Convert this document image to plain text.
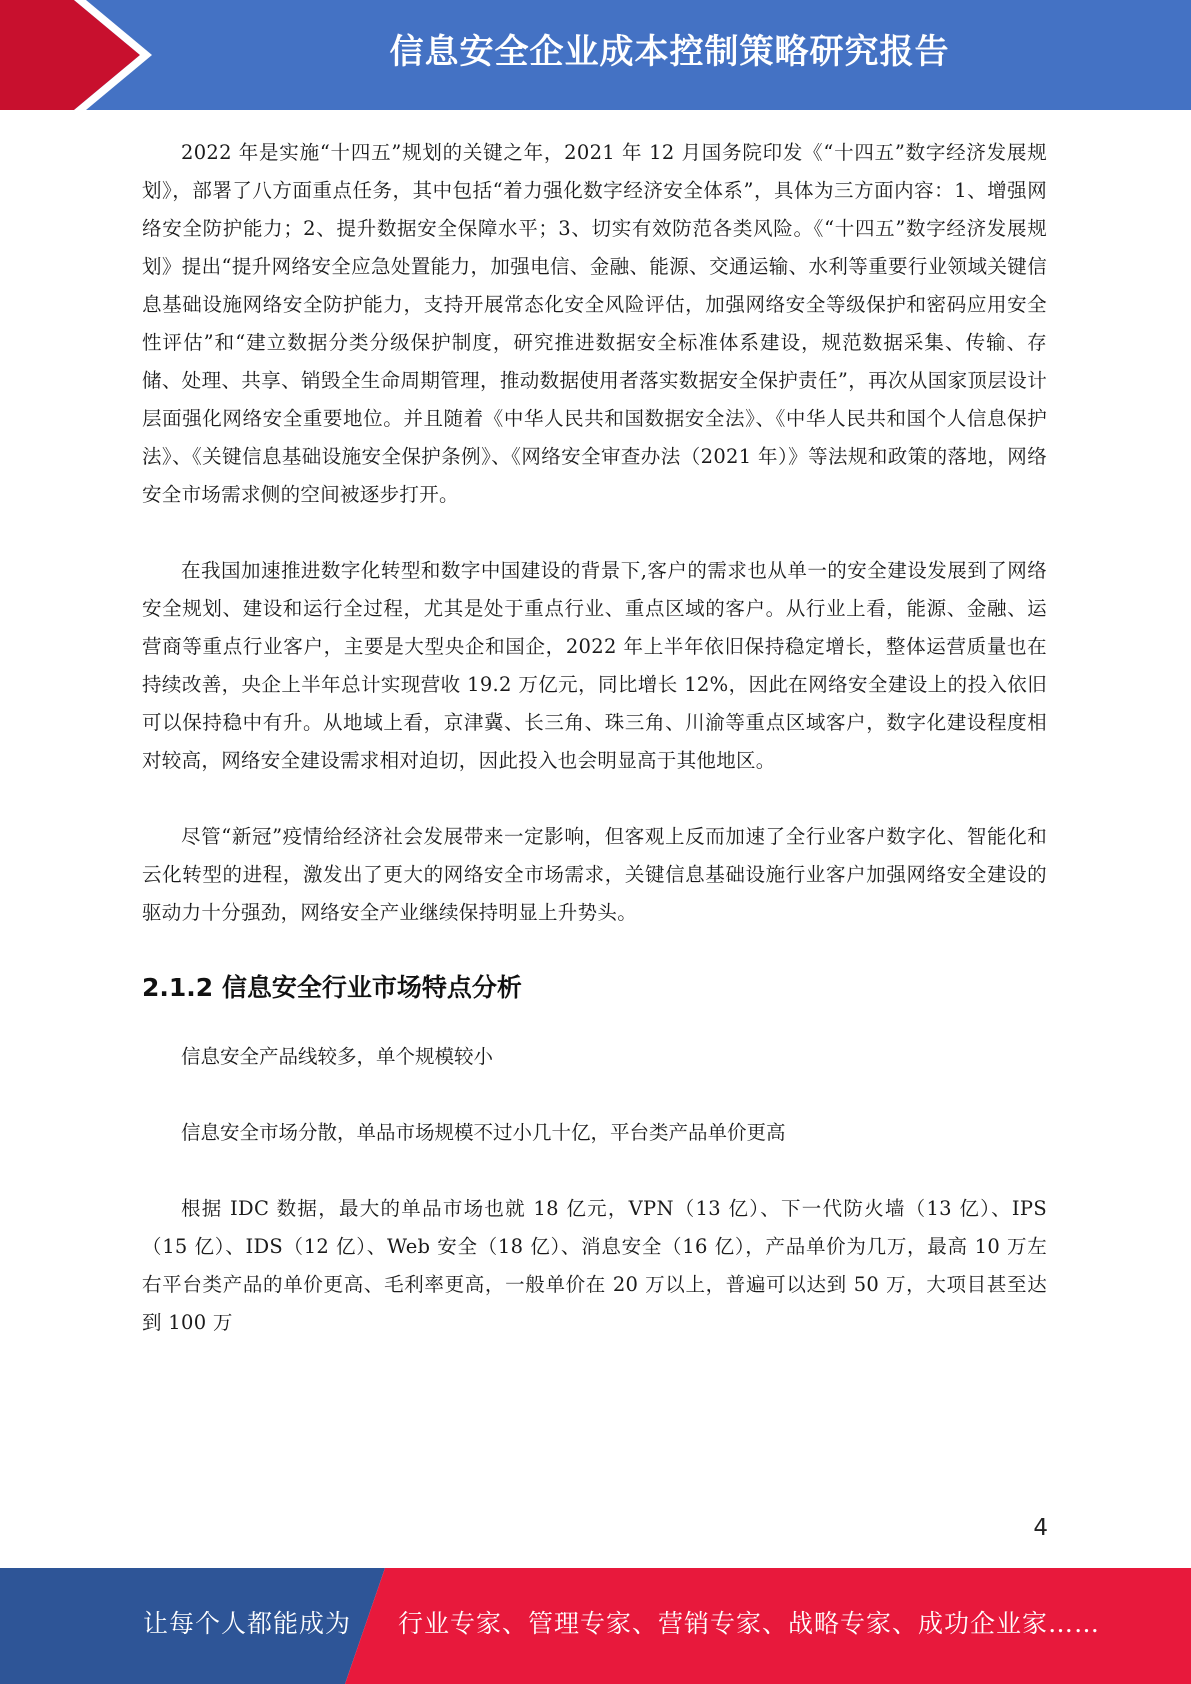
信息安全企业成本控制策略研究报告

2022 年是实施“十四五”规划的关键之年，2021 年 12 月国务院印发《“十四五”数字经济发展规划》，部署了八方面重点任务，其中包括“着力强化数字经济安全体系”，具体为三方面内容：1、增强网络安全防护能力；2、提升数据安全保障水平；3、切实有效防范各类风险。《“十四五”数字经济发展规划》提出“提升网络安全应急处置能力，加强电信、金融、能源、交通运输、水利等重要行业领域关键信息基础设施网络安全防护能力，支持开展常态化安全风险评估，加强网络安全等级保护和密码应用安全性评估”和“建立数据分类分级保护制度，研究推进数据安全标准体系建设，规范数据采集、传输、存储、处理、共享、销毁全生命周期管理，推动数据使用者落实数据安全保护责任”，再次从国家顶层设计层面强化网络安全重要地位。并且随着《中华人民共和国数据安全法》、《中华人民共和国个人信息保护法》、《关键信息基础设施安全保护条例》、《网络安全审查办法（2021 年）》等法规和政策的落地，网络安全市场需求侧的空间被逐步打开。

在我国加速推进数字化转型和数字中国建设的背景下,客户的需求也从单一的安全建设发展到了网络安全规划、建设和运行全过程，尤其是处于重点行业、重点区域的客户。从行业上看，能源、金融、运营商等重点行业客户，主要是大型央企和国企，2022 年上半年依旧保持稳定增长，整体运营质量也在持续改善，央企上半年总计实现营收 19.2 万亿元，同比增长 12%，因此在网络安全建设上的投入依旧可以保持稳中有升。从地域上看，京津冀、长三角、珠三角、川渝等重点区域客户，数字化建设程度相对较高，网络安全建设需求相对迫切，因此投入也会明显高于其他地区。

尽管“新冠”疫情给经济社会发展带来一定影响，但客观上反而加速了全行业客户数字化、智能化和云化转型的进程，激发出了更大的网络安全市场需求，关键信息基础设施行业客户加强网络安全建设的驱动力十分强劲，网络安全产业继续保持明显上升势头。

2.1.2 信息安全行业市场特点分析

信息安全产品线较多，单个规模较小

信息安全市场分散，单品市场规模不过小几十亿，平台类产品单价更高

根据 IDC 数据，最大的单品市场也就 18 亿元，VPN（13 亿）、下一代防火墙（13 亿）、IPS（15 亿）、IDS（12 亿）、Web 安全（18 亿）、消息安全（16 亿），产品单价为几万，最高 10 万左右平台类产品的单价更高、毛利率更高，一般单价在 20 万以上，普遍可以达到 50 万，大项目甚至达到 100 万

4
让每个人都能成为 行业专家、管理专家、营销专家、战略专家、成功企业家……
